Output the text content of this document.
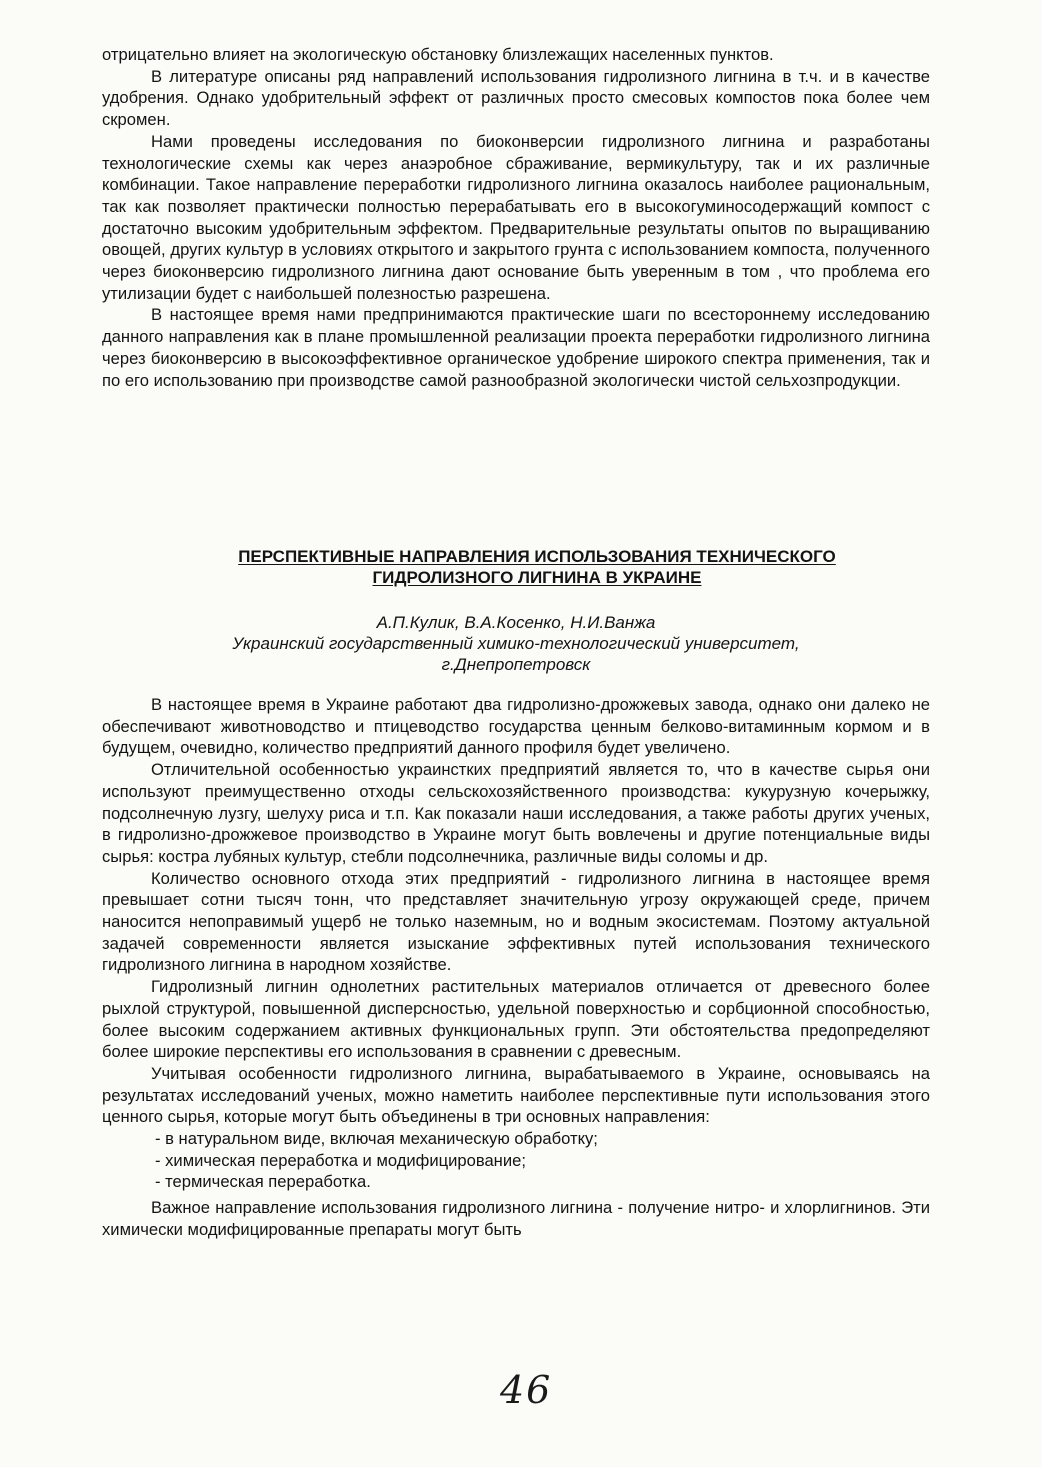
отрицательно влияет на экологическую обстановку близлежащих населенных пунктов.

В литературе описаны ряд направлений использования гидролизного лигнина в т.ч. и в качестве удобрения. Однако удобрительный эффект от различных просто смесовых компостов пока более чем скромен.

Нами проведены исследования по биоконверсии гидролизного лигнина и разработаны технологические схемы как через анаэробное сбраживание, вермикультуру, так и их различные комбинации. Такое направление переработки гидролизного лигнина оказалось наиболее рациональным, так как позволяет практически полностью перерабатывать его в высокогуминосодержащий компост с достаточно высоким удобрительным эффектом. Предварительные результаты опытов по выращиванию овощей, других культур в условиях открытого и закрытого грунта с использованием компоста, полученного через биоконверсию гидролизного лигнина дают основание быть уверенным в том , что проблема его утилизации будет с наибольшей полезностью разрешена.

В настоящее время нами предпринимаются практические шаги по всестороннему исследованию данного направления как в плане промышленной реализации проекта переработки гидролизного лигнина через биоконверсию в высокоэффективное органическое удобрение широкого спектра применения, так и по его использованию при производстве самой разнообразной экологически чистой сельхозпродукции.

ПЕРСПЕКТИВНЫЕ НАПРАВЛЕНИЯ ИСПОЛЬЗОВАНИЯ ТЕХНИЧЕСКОГО
ГИДРОЛИЗНОГО ЛИГНИНА В УКРАИНЕ
А.П.Кулик, В.А.Косенко, Н.И.Ванжа
Украинский государственный химико-технологический университет,
г.Днепропетровск

В настоящее время в Украине работают два гидролизно-дрожжевых завода, однако они далеко не обеспечивают животноводство и птицеводство государства ценным белково-витаминным кормом и в будущем, очевидно, количество предприятий данного профиля будет увеличено.

Отличительной особенностью украинстких предприятий является то, что в качестве сырья они используют преимущественно отходы сельскохозяйственного производства: кукурузную кочерыжку, подсолнечную лузгу, шелуху риса и т.п. Как показали наши исследования, а также работы других ученых, в гидролизно-дрожжевое производство в Украине могут быть вовлечены и другие потенциальные виды сырья: костра лубяных культур, стебли подсолнечника, различные виды соломы и др.

Количество основного отхода этих предприятий - гидролизного лигнина в настоящее время превышает сотни тысяч тонн, что представляет значительную угрозу окружающей среде, причем наносится непоправимый ущерб не только наземным, но и водным экосистемам. Поэтому актуальной задачей современности является изыскание эффективных путей использования технического гидролизного лигнина в народном хозяйстве.

Гидролизный лигнин однолетних растительных материалов отличается от древесного более рыхлой структурой, повышенной дисперсностью, удельной поверхностью и сорбционной способностью, более высоким содержанием активных функциональных групп. Эти обстоятельства предопределяют более широкие перспективы его использования в сравнении с древесным.

Учитывая особенности гидролизного лигнина, вырабатываемого в Украине, основываясь на результатах исследований ученых, можно наметить наиболее перспективные пути использования этого ценного сырья, которые могут быть объединены в три основных направления:

- в натуральном виде, включая механическую обработку;
- химическая переработка и модифицирование;
- термическая переработка.

Важное направление использования гидролизного лигнина - получение нитро- и хлорлигнинов. Эти химически модифицированные препараты могут быть

46
